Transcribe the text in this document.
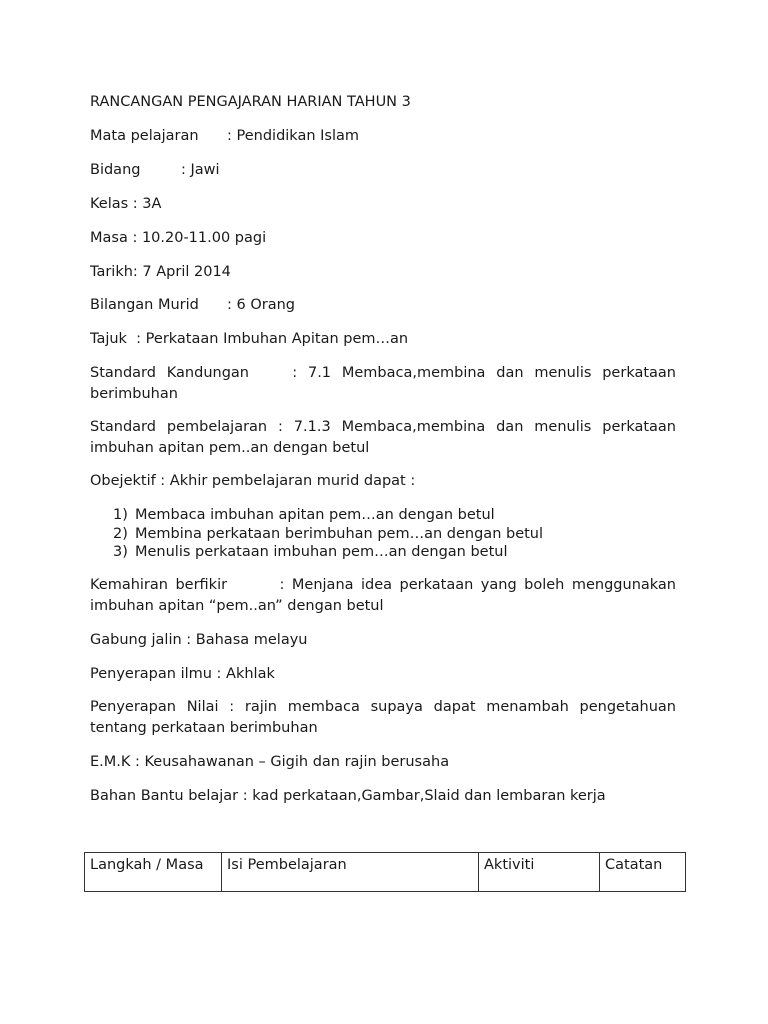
RANCANGAN PENGAJARAN HARIAN TAHUN 3

Mata pelajaran : Pendidikan Islam

Bidang	: Jawi

Kelas : 3A

Masa : 10.20-11.00 pagi

Tarikh: 7 April 2014

Bilangan Murid : 6 Orang

Tajuk  : Perkataan Imbuhan Apitan pem…an

Standard Kandungan    : 7.1 Membaca,membina dan menulis perkataan berimbuhan

Standard pembelajaran : 7.1.3 Membaca,membina dan menulis perkataan imbuhan apitan pem..an dengan betul

Obejektif : Akhir pembelajaran murid dapat :

1) Membaca imbuhan apitan pem…an dengan betul
2) Membina perkataan berimbuhan pem…an dengan betul
3) Menulis perkataan imbuhan pem…an dengan betul

Kemahiran berfikir       : Menjana idea perkataan yang boleh menggunakan imbuhan apitan “pem..an” dengan betul

Gabung jalin : Bahasa melayu

Penyerapan ilmu : Akhlak

Penyerapan Nilai : rajin membaca supaya dapat menambah pengetahuan tentang perkataan berimbuhan

E.M.K : Keusahawanan – Gigih dan rajin berusaha

Bahan Bantu belajar : kad perkataan,Gambar,Slaid dan lembaran kerja

Langkah / Masa	Isi Pembelajaran	Aktiviti	Catatan
